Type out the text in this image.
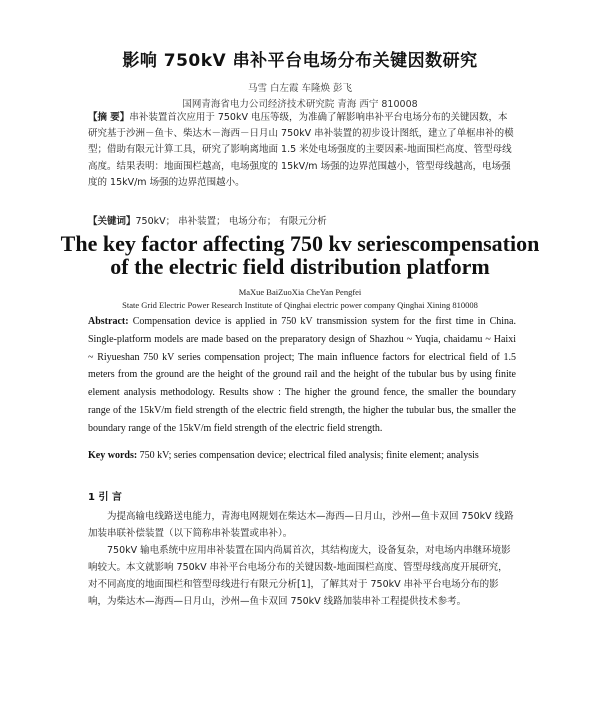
影响 750kV 串补平台电场分布关键因数研究
马雪 白左霞 车隆焕 彭飞
国网青海省电力公司经济技术研究院 青海 西宁 810008
【摘 要】串补装置首次应用于 750kV 电压等级，为准确了解影响串补平台电场分布的关键因数，本研究基于沙洲－鱼卡、柴达木－海西－日月山 750kV 串补装置的初步设计图纸，建立了单框串补的模型；借助有限元计算工具，研究了影响离地面 1.5 米处电场强度的主要因素-地面围栏高度、管型母线高度。结果表明：地面围栏越高，电场强度的 15kV/m 场强的边界范围越小，管型母线越高，电场强度的 15kV/m 场强的边界范围越小。
【关键词】750kV； 串补装置； 电场分布； 有限元分析
The key factor affecting 750 kv seriescompensation
of the electric field distribution platform
MaXue BaiZuoXia CheYan Pengfei
State Grid Electric Power Research Institute of Qinghai electric power company Qinghai Xining 810008
Abstract: Compensation device is applied in 750 kV transmission system for the first time in China. Single-platform models are made based on the preparatory design of Shazhou ~ Yuqia, chaidamu ~ Haixi ~ Riyueshan 750 kV series compensation project; The main influence factors for electrical field of 1.5 meters from the ground are the height of the ground rail and the height of the tubular bus by using finite element analysis methodology. Results show : The higher the ground fence, the smaller the boundary range of the 15kV/m field strength of the electric field strength, the higher the tubular bus, the smaller the boundary range of the 15kV/m field strength of the electric field strength.
Key words: 750 kV; series compensation device; electrical filed analysis; finite element; analysis
1 引 言

为提高输电线路送电能力，青海电网规划在柴达木—海西—日月山，沙州—鱼卡双回 750kV 线路加装串联补偿装置（以下简称串补装置或串补）。

750kV 输电系统中应用串补装置在国内尚属首次，其结构庞大，设备复杂，对电场内串继环境影响较大。本文就影响 750kV 串补平台电场分布的关键因数-地面围栏高度、管型母线高度开展研究，对不同高度的地面围栏和管型母线进行有限元分析[1]，了解其对于 750kV 串补平台电场分布的影响，为柴达木—海西—日月山，沙州—鱼卡双回 750kV 线路加装串补工程提供技术参考。
